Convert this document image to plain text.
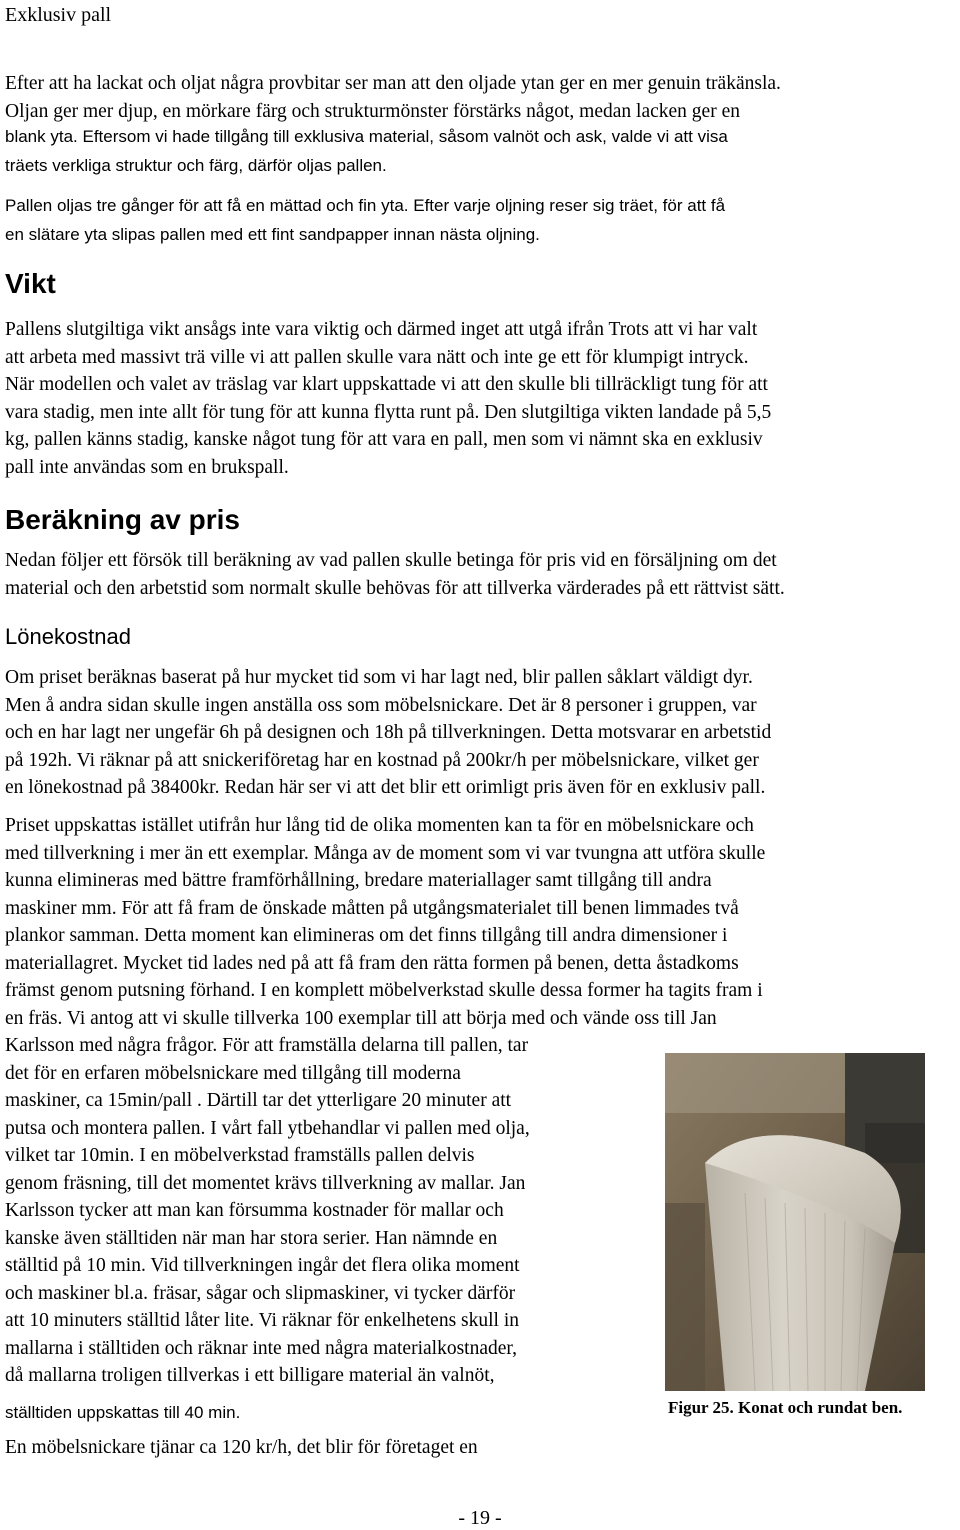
Exklusiv pall
Efter att ha lackat och oljat några provbitar ser man att den oljade ytan ger en mer genuin träkänsla.
Oljan ger mer djup, en mörkare färg och strukturmönster förstärks något, medan lacken ger en
blank yta. Eftersom vi hade tillgång till exklusiva material, såsom valnöt och ask, valde vi att visa
träets verkliga struktur och färg, därför oljas pallen.
Pallen oljas tre gånger för att få en mättad och fin yta. Efter varje oljning reser sig träet, för att få
en slätare yta slipas pallen med ett fint sandpapper innan nästa oljning.
Vikt
Pallens slutgiltiga vikt ansågs inte vara viktig och därmed inget att utgå ifrån Trots att vi har valt
att arbeta med massivt trä ville vi att pallen skulle vara nätt och inte ge ett för klumpigt intryck.
När modellen och valet av träslag var klart uppskattade vi att den skulle bli tillräckligt tung för att
vara stadig, men inte allt för tung för att kunna flytta runt på. Den slutgiltiga vikten landade på 5,5
kg, pallen känns stadig, kanske något tung för att vara en pall, men som vi nämnt ska en exklusiv
pall inte användas som en brukspall.
Beräkning av pris
Nedan följer ett försök till beräkning av vad pallen skulle betinga för pris vid en försäljning om det
material och den arbetstid som normalt skulle behövas för att tillverka värderades på ett rättvist sätt.
Lönekostnad
Om priset beräknas baserat på hur mycket tid som vi har lagt ned, blir pallen såklart väldigt dyr.
Men å andra sidan skulle ingen anställa oss som möbelsnickare. Det är 8 personer i gruppen, var
och en har lagt ner ungefär 6h på designen och 18h på tillverkningen. Detta motsvarar en arbetstid
på 192h. Vi räknar på att snickeriföretag har en kostnad på 200kr/h per möbelsnickare, vilket ger
en lönekostnad på 38400kr. Redan här ser vi att det blir ett orimligt pris även för en exklusiv pall.
Priset uppskattas istället utifrån hur lång tid de olika momenten kan ta för en möbelsnickare och
med tillverkning i mer än ett exemplar. Många av de moment som vi var tvungna att utföra skulle
kunna elimineras med bättre framförhållning, bredare materiallager samt tillgång till andra
maskiner mm. För att få fram de önskade måtten på utgångsmaterialet till benen limmades två
plankor samman. Detta moment kan elimineras om det finns tillgång till andra dimensioner i
materiallagret. Mycket tid lades ned på att få fram den rätta formen på benen, detta åstadkoms
främst genom putsning förhand. I en komplett möbelverkstad skulle dessa former ha tagits fram i
en fräs. Vi antog att vi skulle tillverka 100 exemplar till att börja med och vände oss till Jan
Karlsson med några frågor. För att framställa delarna till pallen, tar
det för en erfaren möbelsnickare med tillgång till moderna
maskiner, ca 15min/pall . Därtill tar det ytterligare 20 minuter att
putsa och montera pallen. I vårt fall ytbehandlar vi pallen med olja,
vilket tar 10min. I en möbelverkstad framställs pallen delvis
genom fräsning, till det momentet krävs tillverkning av mallar. Jan
Karlsson tycker att man kan försumma kostnader för mallar och
kanske även ställtiden när man har stora serier. Han nämnde en
ställtid på 10 min. Vid tillverkningen ingår det flera olika moment
och maskiner bl.a. fräsar, sågar och slipmaskiner, vi tycker därför
att 10 minuters ställtid låter lite. Vi räknar för enkelhetens skull in
mallarna i ställtiden och räknar inte med några materialkostnader,
då mallarna troligen tillverkas i ett billigare material än valnöt,
ställtiden uppskattas till 40 min.
En möbelsnickare tjänar ca 120 kr/h, det blir för företaget en
Figur 25. Konat och rundat ben.
- 19 -
